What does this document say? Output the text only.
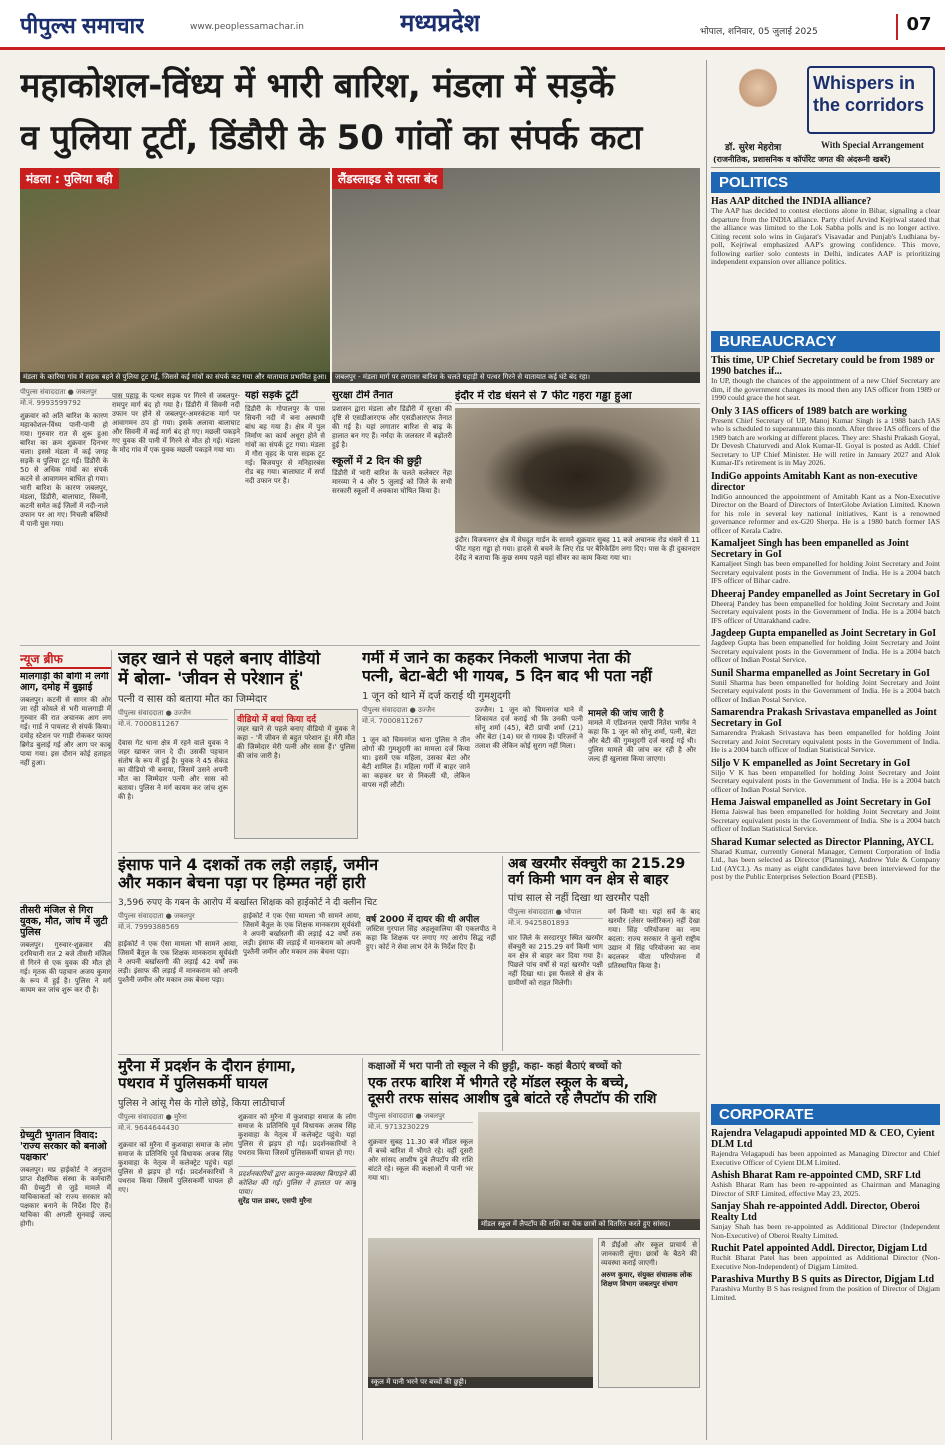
पीपुल्स समाचार	www.peoplessamachar.in	मध्यप्रदेश	भोपाल, शनिवार, 05 जुलाई 2025	07
महाकोशल-विंध्य में भारी बारिश, मंडला में सड़कें
व पुलिया टूटीं, डिंडौरी के 50 गांवों का संपर्क कटा
मंडला : पुलिया बही
मंडला के कारिया गांव में सड़क बहने से पुलिया टूट गई, जिससे कई गांवों का संपर्क कट गया और यातायात प्रभावित हुआ।
लैंडस्लाइड से रास्ता बंद
जबलपुर - मंडला मार्ग पर लगातार बारिश के चलते पहाड़ी से पत्थर गिरने से यातायात कई घंटे बंद रहा।
पीपुल्स संवाददाता ● जबलपुर
मो.नं. 9993599792
शुक्रवार को अति बारिश के कारण महाकोशल-विंध्य पानी-पानी हो गया। गुरुवार रात से शुरू हुआ बारिश का क्रम शुक्रवार दिनभर चला। इससे मंडला में कई जगह सड़कें व पुलिया टूट गईं। डिंडौरी के 50 से अधिक गांवों का संपर्क कटने से आवागमन बाधित हो गया। भारी बारिश के कारण जबलपुर, मंडला, डिंडौरी, बालाघाट, सिवनी, कटनी समेत कई जिलों में नदी-नाले उफान पर आ गए। निचली बस्तियों में पानी घुस गया।
पास पहाड़ के पत्थर सड़क पर गिरने से जबलपुर-रामपुर मार्ग बंद हो गया है। डिंडौरी में सिवनी नदी उफान पर होने से जबलपुर-अमरकंटक मार्ग पर आवागमन ठप हो गया। इसके अलावा बालाघाट और सिवनी में कई मार्ग बंद हो गए। मछली पकड़ने गए युवक की पानी में गिरने से मौत हो गई। मंडला के मोद गांव में एक युवक मछली पकड़ने गया था।
यहां सड़कें टूटीं
डिंडौरी के गोपालपुर के पास सिवनी नदी में बना अस्थायी बांध बह गया है। क्षेत्र में पुल निर्माण का कार्य अधूरा होने से गांवों का संपर्क टूट गया। मंडला में गौरा वृहद के पास सड़क टूट गई। बिजयपुर से मनिहारबंस रोड बह गया। बालाघाट में सर्पा नदी उफान पर है।
सुरक्षा टीमें तैनात
प्रशासन द्वारा मंडला और डिंडौरी में सुरक्षा की दृष्टि से एसडीआरएफ और एसडीआरएफ तैनात की गई है। यहां लगातार बारिश से बाढ़ के हालात बन गए हैं। नर्मदा के जलस्तर में बढ़ोतरी हुई है।
स्कूलों में 2 दिन की छुट्टी
डिंडौरी में भारी बारिश के चलते कलेक्टर नेहा मारव्या ने 4 और 5 जुलाई को जिले के सभी सरकारी स्कूलों में अवकाश घोषित किया है।
इंदौर में रोड धंसने से 7 फीट गहरा गड्ढा हुआ
इंदौर। विजयनगर क्षेत्र में मेघदूत गार्डन के सामने शुक्रवार सुबह 11 बजे अचानक रोड धंसने से 11 फीट गहरा गड्ढा हो गया। हादसे से बचने के लिए रोड पर बैरिकेडिंग लगा दिए। पास के ही दुकानदार देवेंद्र ने बताया कि कुछ समय पहले यहां सीवर का काम किया गया था।
न्यूज ब्रीफ
मालगाड़ी की बोगी में लगी आग, दमोह में बुझाई
जबलपुर। कटनी से सागर की ओर जा रही कोयले से भरी मालगाड़ी में गुरुवार की रात अचानक आग लग गई। गार्ड ने पायलट से संपर्क किया। दमोह स्टेशन पर गाड़ी रोककर फायर ब्रिगेड बुलाई गई और आग पर काबू पाया गया। इस दौरान कोई हताहत नहीं हुआ।
तीसरी मंजिल से गिरा युवक, मौत, जांच में जुटी पुलिस
जबलपुर। गुरुवार-शुक्रवार की दरमियानी रात 2 बजे तीसरी मंजिल से गिरने से एक युवक की मौत हो गई। मृतक की पहचान अजय कुमार के रूप में हुई है। पुलिस ने मर्ग कायम कर जांच शुरू कर दी है।
ग्रेच्युटी भुगतान विवाद: 'राज्य सरकार को बनाओ पक्षकार'
जबलपुर। मप्र हाईकोर्ट ने अनुदान प्राप्त शैक्षणिक संस्था के कर्मचारी की ग्रेच्युटी से जुड़े मामले में याचिकाकर्ता को राज्य सरकार को पक्षकार बनाने के निर्देश दिए हैं। याचिका की अगली सुनवाई जल्द होगी।
जहर खाने से पहले बनाए वीडियो
में बोला- 'जीवन से परेशान हूं'
पत्नी व सास को बताया मौत का जिम्मेदार
पीपुल्स संवाददाता ● उज्जैन
मो.नं. 7000811267
देवास गेट थाना क्षेत्र में रहने वाले युवक ने जहर खाकर जान दे दी। उसकी पहचान संतोष के रूप में हुई है। युवक ने 45 सेकंड का वीडियो भी बनाया, जिसमें उसने अपनी मौत का जिम्मेदार पत्नी और सास को बताया। पुलिस ने मर्ग कायम कर जांच शुरू की है।
वीडियो में बयां किया दर्द
जहर खाने से पहले बनाए वीडियो में युवक ने कहा - 'मैं जीवन से बहुत परेशान हूं। मेरी मौत की जिम्मेदार मेरी पत्नी और सास हैं।' पुलिस की जांच जारी है।
गर्मी में जाने का कहकर निकली भाजपा नेता की
पत्नी, बेटा-बेटी भी गायब, 5 दिन बाद भी पता नहीं
1 जून को थाने में दर्ज कराई थी गुमशुदगी
पीपुल्स संवाददाता ● उज्जैन
मो.नं. 7000811267
1 जून को चिमनगंज थाना पुलिस ने तीन लोगों की गुमशुदगी का मामला दर्ज किया था। इसमें एक महिला, उसका बेटा और बेटी शामिल हैं। महिला गर्मी में बाहर जाने का कहकर घर से निकली थी, लेकिन वापस नहीं लौटी।
उज्जैन। 1 जून को चिमनगंज थाने में शिकायत दर्ज कराई थी कि उनकी पत्नी सोनू शर्मा (45), बेटी प्राची शर्मा (21) और बेटा (14) घर से गायब हैं। परिजनों ने तलाश की लेकिन कोई सुराग नहीं मिला।
मामले की जांच जारी है
मामले में एडिशनल एसपी नितेश भार्गव ने कहा कि 1 जून को सोनू शर्मा, पत्नी, बेटा और बेटी की गुमशुदगी दर्ज कराई गई थी। पुलिस मामले की जांच कर रही है और जल्द ही खुलासा किया जाएगा।
इंसाफ पाने 4 दशकों तक लड़ी लड़ाई, जमीन
और मकान बेचना पड़ा पर हिम्मत नहीं हारी
3,596 रुपए के गबन के आरोप में बर्खास्त शिक्षक को हाईकोर्ट ने दी क्लीन चिट
पीपुल्स संवाददाता ● जबलपुर
मो.नं. 7999388569
हाईकोर्ट ने एक ऐसा मामला भी सामने आया, जिसमें बैतूल के एक शिक्षक मानकराम सूर्यवंशी ने अपनी बर्खास्तगी की लड़ाई 42 वर्षों तक लड़ी। इंसाफ की लड़ाई में मानकराम को अपनी पुश्तैनी जमीन और मकान तक बेचना पड़ा।
हाईकोर्ट ने एक ऐसा मामला भी सामने आया, जिसमें बैतूल के एक शिक्षक मानकराम सूर्यवंशी ने अपनी बर्खास्तगी की लड़ाई 42 वर्षों तक लड़ी। इंसाफ की लड़ाई में मानकराम को अपनी पुश्तैनी जमीन और मकान तक बेचना पड़ा।
वर्ष 2000 में दायर की थी अपील
जस्टिस गुरपाल सिंह अहलूवालिया की एकलपीठ ने कहा कि शिक्षक पर लगाए गए आरोप सिद्ध नहीं हुए। कोर्ट ने सेवा लाभ देने के निर्देश दिए हैं।
अब खरमौर सेंक्चुरी का 215.29
वर्ग किमी भाग वन क्षेत्र से बाहर
पांच साल से नहीं दिखा था खरमौर पक्षी
पीपुल्स संवाददाता ● भोपाल
मो.नं. 9425801893
धार जिले के सरदारपुर स्थित खरमौर सेंक्चुरी का 215.29 वर्ग किमी भाग वन क्षेत्र से बाहर कर दिया गया है। पिछले पांच वर्षों से यहां खरमौर पक्षी नहीं दिखा था। इस फैसले से क्षेत्र के ग्रामीणों को राहत मिलेगी।
वर्ग किमी था। यहां सर्वे के बाद खरमौर (लेसर फ्लोरिकन) नहीं देखा गया। सिंह परियोजना का नाम बदला: राज्य सरकार ने कूनो राष्ट्रीय उद्यान में सिंह परियोजना का नाम बदलकर चीता परियोजना में प्रतिस्थापित किया है।
मुरैना में प्रदर्शन के दौरान हंगामा,
पथराव में पुलिसकर्मी घायल
पुलिस ने आंसू गैस के गोले छोड़े, किया लाठीचार्ज
पीपुल्स संवाददाता ● मुरैना
मो.नं. 9644644430
शुक्रवार को मुरैना में कुशवाहा समाज के लोग समाज के प्रतिनिधि पूर्व विधायक अजब सिंह कुशवाहा के नेतृत्व में कलेक्ट्रेट पहुंचे। यहां पुलिस से झड़प हो गई। प्रदर्शनकारियों ने पथराव किया जिसमें पुलिसकर्मी घायल हो गए।
शुक्रवार को मुरैना में कुशवाहा समाज के लोग समाज के प्रतिनिधि पूर्व विधायक अजब सिंह कुशवाहा के नेतृत्व में कलेक्ट्रेट पहुंचे। यहां पुलिस से झड़प हो गई। प्रदर्शनकारियों ने पथराव किया जिसमें पुलिसकर्मी घायल हो गए।
प्रदर्शनकारियों द्वारा कानून-व्यवस्था बिगाड़ने की कोशिश की गई। पुलिस ने हालात पर काबू पाया।
सुरेंद्र पाल डाबर, एसपी मुरैना
कक्षाओं में भरा पानी तो स्कूल ने की छुट्टी, कहा- कहां बैठाएं बच्चों को
एक तरफ बारिश में भीगते रहे मॉडल स्कूल के बच्चे,
दूसरी तरफ सांसद आशीष दुबे बांटते रहे लैपटॉप की राशि
पीपुल्स संवाददाता ● जबलपुर
मो.नं. 9713230229
शुक्रवार सुबह 11.30 बजे मॉडल स्कूल में बच्चे बारिश में भीगते रहे। वहीं दूसरी ओर सांसद आशीष दुबे लैपटॉप की राशि बांटते रहे। स्कूल की कक्षाओं में पानी भर गया था।
मॉडल स्कूल में लैपटॉप की राशि का चेक छात्रों को वितरित करते हुए सांसद।
स्कूल में पानी भरने पर बच्चों की छुट्टी।
मैं डीईओ और स्कूल प्राचार्य से जानकारी लूंगा। छात्रों के बैठने की व्यवस्था कराई जाएगी।
अरुण कुमार, संयुक्त संचालक लोक शिक्षण विभाग जबलपुर संभाग
Whispers in the corridors
डॉ. सुरेश मेहरोत्रा	With Special Arrangement
(राजनीतिक, प्रशासनिक व कॉर्पोरेट जगत की अंदरूनी खबरें)
POLITICS
Has AAP ditched the INDIA alliance?
The AAP has decided to contest elections alone in Bihar, signaling a clear departure from the INDIA alliance. Party chief Arvind Kejriwal stated that the alliance was limited to the Lok Sabha polls and is no longer active. Citing recent solo wins in Gujarat's Visavadar and Punjab's Ludhiana by-poll, Kejriwal emphasized AAP's growing confidence. This move, following earlier solo contests in Delhi, indicates AAP is prioritizing independent expansion over alliance politics.
BUREAUCRACY
This time, UP Chief Secretary could be from 1989 or 1990 batches if...
In UP, though the chances of the appointment of a new Chief Secretary are dim, if the government changes its mood then any IAS officer from 1989 or 1990 could grace the hot seat.
Only 3 IAS officers of 1989 batch are working
Present Chief Secretary of UP, Manoj Kumar Singh is a 1988 batch IAS who is scheduled to superannuate this month. After three IAS officers of the 1989 batch are working at different places. They are: Shashi Prakash Goyal, Dr Devesh Chaturvedi and Alok Kumar-II. Goyal is posted as Addl. Chief Secretary to UP Chief Minister. He will retire in January 2027 and Alok Kumar-II's retirement is in May 2026.
IndiGo appoints Amitabh Kant as non-executive director
IndiGo announced the appointment of Amitabh Kant as a Non-Executive Director on the Board of Directors of InterGlobe Aviation Limited. Known for his role in several key national initiatives, Kant is a renowned governance reformer and ex-G20 Sherpa. He is a 1980 batch former IAS officer of Kerala Cadre.
Kamaljeet Singh has been empanelled as Joint Secretary in GoI
Kamaljeet Singh has been empanelled for holding Joint Secretary and Joint Secretary equivalent posts in the Government of India. He is a 2004 batch IFS officer of Bihar cadre.
Dheeraj Pandey empanelled as Joint Secretary in GoI
Dheeraj Pandey has been empanelled for holding Joint Secretary and Joint Secretary equivalent posts in the Government of India. He is a 2004 batch IFS officer of Uttarakhand cadre.
Jagdeep Gupta empanelled as Joint Secretary in GoI
Jagdeep Gupta has been empanelled for holding Joint Secretary and Joint Secretary equivalent posts in the Government of India. He is a 2004 batch officer of Indian Postal Service.
Sunil Sharma empanelled as Joint Secretary in GoI
Sunil Sharma has been empanelled for holding Joint Secretary and Joint Secretary equivalent posts in the Government of India. He is a 2004 batch officer of Indian Postal Service.
Samarendra Prakash Srivastava empanelled as Joint Secretary in GoI
Samarendra Prakash Srivastava has been empanelled for holding Joint Secretary and Joint Secretary equivalent posts in the Government of India. He is a 2004 batch officer of Indian Statistical Service.
Siljo V K empanelled as Joint Secretary in GoI
Siljo V K has been empanelled for holding Joint Secretary and Joint Secretary equivalent posts in the Government of India. He is a 2004 batch officer of Indian Postal Service.
Hema Jaiswal empanelled as Joint Secretary in GoI
Hema Jaiswal has been empanelled for holding Joint Secretary and Joint Secretary equivalent posts in the Government of India. She is a 2004 batch officer of Indian Statistical Service.
Sharad Kumar selected as Director Planning, AYCL
Sharad Kumar, currently General Manager, Cement Corporation of India Ltd., has been selected as Director (Planning), Andrew Yule & Company Ltd (AYCL). As many as eight candidates have been interviewed for the post by the Public Enterprises Selection Board (PESB).
CORPORATE
Rajendra Velagapudi appointed MD & CEO, Cyient DLM Ltd
Rajendra Velagapudi has been appointed as Managing Director and Chief Executive Officer of Cyient DLM Limited.
Ashish Bharat Ram re-appointed CMD, SRF Ltd
Ashish Bharat Ram has been re-appointed as Chairman and Managing Director of SRF Limited, effective May 23, 2025.
Sanjay Shah re-appointed Addl. Director, Oberoi Realty Ltd
Sanjay Shah has been re-appointed as Additional Director (Independent Non-Executive) of Oberoi Realty Limited.
Ruchit Patel appointed Addl. Director, Digjam Ltd
Ruchit Bharat Patel has been appointed as Additional Director (Non-Executive Non-Independent) of Digjam Limited.
Parashiva Murthy B S quits as Director, Digjam Ltd
Parashiva Murthy B S has resigned from the position of Director of Digjam Limited.
